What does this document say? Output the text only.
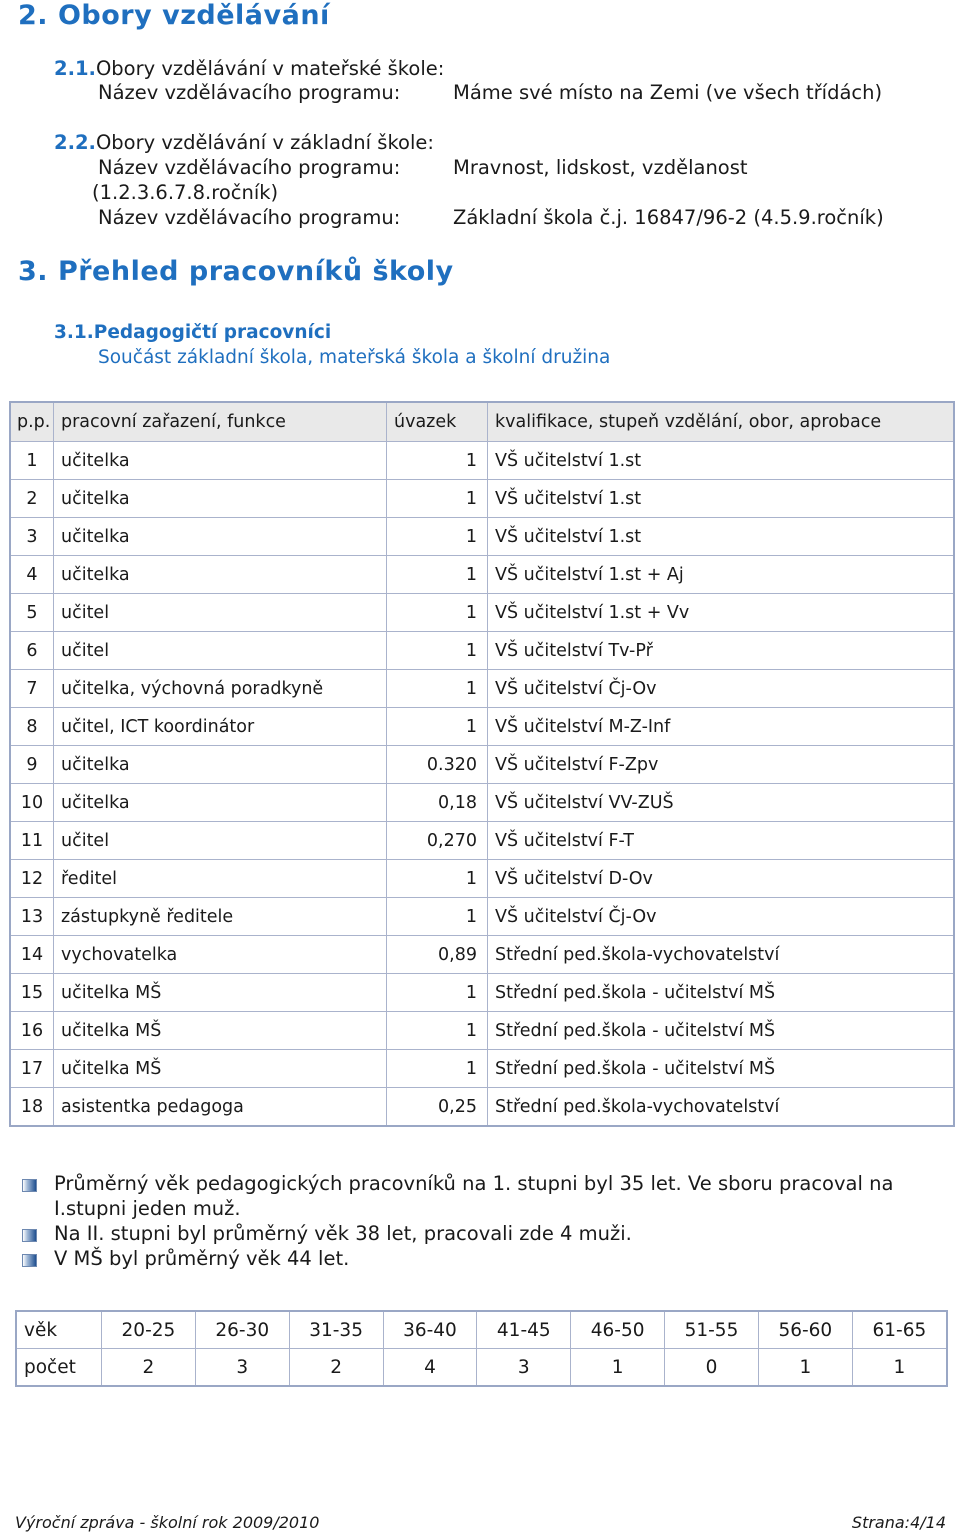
2. Obory vzdělávání
2.1.Obory vzdělávání v mateřské škole:
Název vzdělávacího programu:	Máme své místo na Zemi (ve všech třídách)
2.2.Obory vzdělávání v základní škole:
Název vzdělávacího programu:	Mravnost, lidskost, vzdělanost
(1.2.3.6.7.8.ročník)
Název vzdělávacího programu:	Základní škola č.j. 16847/96-2 (4.5.9.ročník)
3. Přehled pracovníků školy
3.1.Pedagogičtí pracovníci
Součást základní škola, mateřská škola a školní družina
p.p.	pracovní zařazení, funkce	úvazek	kvalifikace, stupeň vzdělání, obor, aprobace
1	učitelka	1	VŠ učitelství 1.st
2	učitelka	1	VŠ učitelství 1.st
3	učitelka	1	VŠ učitelství 1.st
4	učitelka	1	VŠ učitelství 1.st + Aj
5	učitel	1	VŠ učitelství 1.st + Vv
6	učitel	1	VŠ učitelství Tv-Př
7	učitelka, výchovná poradkyně	1	VŠ učitelství Čj-Ov
8	učitel, ICT koordinátor	1	VŠ učitelství M-Z-Inf
9	učitelka	0.320	VŠ učitelství F-Zpv
10	učitelka	0,18	VŠ učitelství VV-ZUŠ
11	učitel	0,270	VŠ učitelství F-T
12	ředitel	1	VŠ učitelství D-Ov
13	zástupkyně ředitele	1	VŠ učitelství Čj-Ov
14	vychovatelka	0,89	Střední ped.škola-vychovatelství
15	učitelka MŠ	1	Střední ped.škola - učitelství MŠ
16	učitelka MŠ	1	Střední ped.škola - učitelství MŠ
17	učitelka MŠ	1	Střední ped.škola - učitelství MŠ
18	asistentka pedagoga	0,25	Střední ped.škola-vychovatelství
Průměrný věk pedagogických pracovníků na 1. stupni byl 35 let. Ve sboru pracoval na I.stupni jeden muž.
Na II. stupni byl průměrný věk 38 let, pracovali zde 4 muži.
V MŠ byl průměrný věk 44 let.
věk	20-25	26-30	31-35	36-40	41-45	46-50	51-55	56-60	61-65
počet	2	3	2	4	3	1	0	1	1
Výroční zpráva - školní rok 2009/2010	Strana:4/14
